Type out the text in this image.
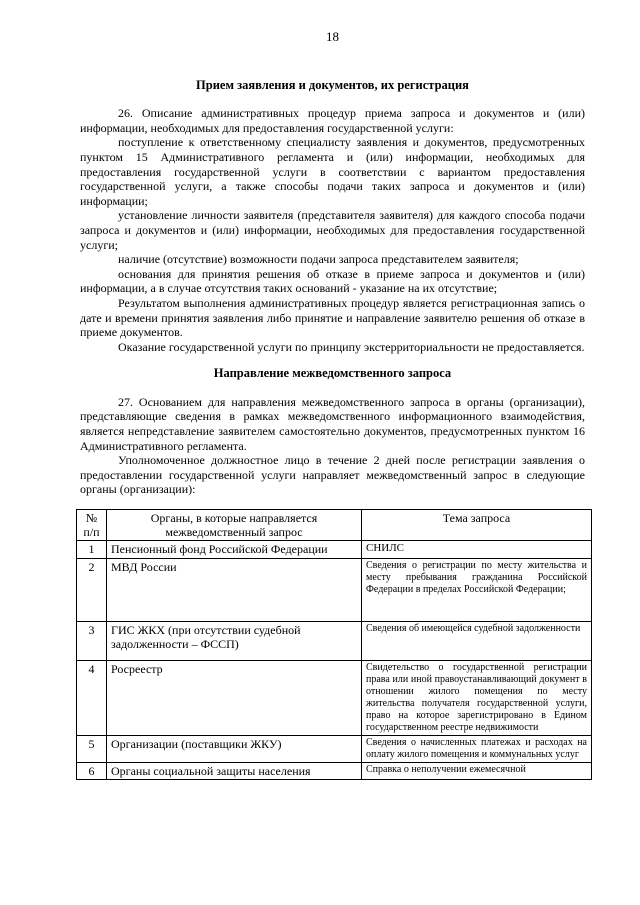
18
Прием заявления и документов, их регистрация

26. Описание административных процедур приема запроса и документов и (или) информации, необходимых для предоставления государственной услуги:

поступление к ответственному специалисту заявления и документов, предусмотренных пунктом 15 Административного регламента и (или) информации, необходимых для предоставления государственной услуги в соответствии с вариантом предоставления государственной услуги, а также способы подачи таких запроса и документов и (или) информации;

установление личности заявителя (представителя заявителя) для каждого способа подачи запроса и документов и (или) информации, необходимых для предоставления государственной услуги;

наличие (отсутствие) возможности подачи запроса представителем заявителя;

основания для принятия решения об отказе в приеме запроса и документов и (или) информации, а в случае отсутствия таких оснований - указание на их отсутствие;

Результатом выполнения административных процедур является регистрационная запись о дате и времени принятия заявления либо принятие и направление заявителю решения об отказе в приеме документов.

Оказание государственной услуги по принципу экстерриториальности не предоставляется.

Направление межведомственного запроса

27. Основанием для направления межведомственного запроса в органы (организации), представляющие сведения в рамках межведомственного информационного взаимодействия, является непредставление заявителем самостоятельно документов, предусмотренных пунктом 16 Административного регламента.

Уполномоченное должностное лицо в течение 2 дней после регистрации заявления о предоставлении государственной услуги направляет межведомственный запрос в следующие органы (организации):

№ п/п	Органы, в которые направляется межведомственный запрос	Тема запроса
1	Пенсионный фонд Российской Федерации	СНИЛС
2	МВД России	Сведения о регистрации по месту жительства и месту пребывания гражданина Российской Федерации в пределах Российской Федерации;
3	ГИС ЖКХ (при отсутствии судебной задолженности – ФССП)	Сведения об имеющейся судебной задолженности
4	Росреестр	Свидетельство о государственной регистрации права или иной правоустанавливающий документ в отношении жилого помещения по месту жительства получателя государственной услуги, право на которое зарегистрировано в Едином государственном реестре недвижимости
5	Организации (поставщики ЖКУ)	Сведения о начисленных платежах и расходах на оплату жилого помещения и коммунальных услуг
6	Органы социальной защиты населения	Справка о неполучении ежемесячной
